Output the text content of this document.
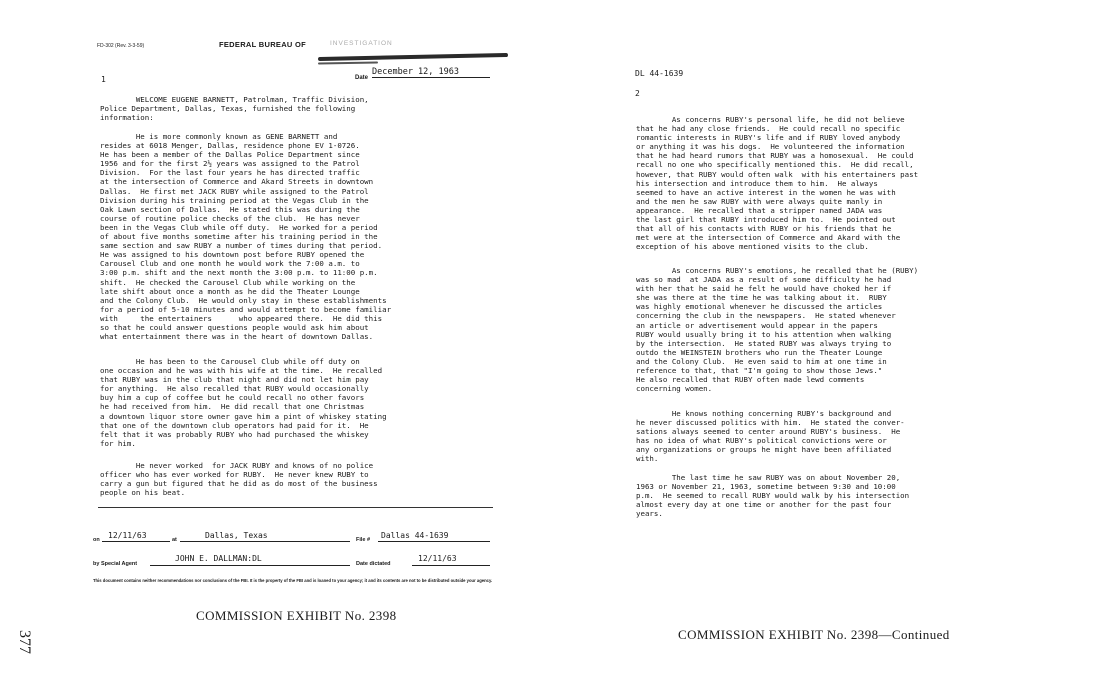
FD-302 (Rev. 3-3-59)	FEDERAL BUREAU OF	INVESTIGATION
1	Date
December 12, 1963
WELCOME EUGENE BARNETT, Patrolman, Traffic Division,
Police Department, Dallas, Texas, furnished the following
information:
He is more commonly known as GENE BARNETT and
resides at 6018 Menger, Dallas, residence phone EV 1-0726.
He has been a member of the Dallas Police Department since
1956 and for the first 2½ years was assigned to the Patrol
Division.  For the last four years he has directed traffic
at the intersection of Commerce and Akard Streets in downtown
Dallas.  He first met JACK RUBY while assigned to the Patrol
Division during his training period at the Vegas Club in the
Oak Lawn section of Dallas.  He stated this was during the
course of routine police checks of the club.  He has never
been in the Vegas Club while off duty.  He worked for a period
of about five months sometime after his training period in the
same section and saw RUBY a number of times during that period.
He was assigned to his downtown post before RUBY opened the
Carousel Club and one month he would work the 7:00 a.m. to
3:00 p.m. shift and the next month the 3:00 p.m. to 11:00 p.m.
shift.  He checked the Carousel Club while working on the
late shift about once a month as he did the Theater Lounge
and the Colony Club.  He would only stay in these establishments
for a period of 5-10 minutes and would attempt to become familiar
with     the entertainers      who appeared there.  He did this
so that he could answer questions people would ask him about
what entertainment there was in the heart of downtown Dallas.
He has been to the Carousel Club while off duty on
one occasion and he was with his wife at the time.  He recalled
that RUBY was in the club that night and did not let him pay
for anything.  He also recalled that RUBY would occasionally
buy him a cup of coffee but he could recall no other favors
he had received from him.  He did recall that one Christmas
a downtown liquor store owner gave him a pint of whiskey stating
that one of the downtown club operators had paid for it.  He
felt that it was probably RUBY who had purchased the whiskey
for him.
He never worked  for JACK RUBY and knows of no police
officer who has ever worked for RUBY.  He never knew RUBY to
carry a gun but figured that he did as do most of the business
people on his beat.
on 12/11/63	at	Dallas, Texas	File # Dallas 44-1639
by Special Agent
JOHN E. DALLMAN:DL
Date dictated
12/11/63
This document contains neither recommendations nor conclusions of the FBI. It is the property of the FBI and is loaned to your agency; it and its contents are not to be distributed outside your agency.
COMMISSION EXHIBIT No. 2398
377
DL 44-1639
2
As concerns RUBY's personal life, he did not believe
that he had any close friends.  He could recall no specific
romantic interests in RUBY's life and if RUBY loved anybody
or anything it was his dogs.  He volunteered the information
that he had heard rumors that RUBY was a homosexual.  He could
recall no one who specifically mentioned this.  He did recall,
however, that RUBY would often walk  with his entertainers past
his intersection and introduce them to him.  He always
seemed to have an active interest in the women he was with
and the men he saw RUBY with were always quite manly in
appearance.  He recalled that a stripper named JADA was
the last girl that RUBY introduced him to.  He pointed out
that all of his contacts with RUBY or his friends that he
met were at the intersection of Commerce and Akard with the
exception of his above mentioned visits to the club.
As concerns RUBY's emotions, he recalled that he (RUBY)
was so mad  at JADA as a result of some difficulty he had
with her that he said he felt he would have choked her if
she was there at the time he was talking about it.  RUBY
was highly emotional whenever he discussed the articles
concerning the club in the newspapers.  He stated whenever
an article or advertisement would appear in the papers
RUBY would usually bring it to his attention when walking
by the intersection.  He stated RUBY was always trying to
outdo the WEINSTEIN brothers who run the Theater Lounge
and the Colony Club.  He even said to him at one time in
reference to that, that "I'm going to show those Jews."
He also recalled that RUBY often made lewd comments
concerning women.
He knows nothing concerning RUBY's background and
he never discussed politics with him.  He stated the conver-
sations always seemed to center around RUBY's business.  He
has no idea of what RUBY's political convictions were or
any organizations or groups he might have been affiliated
with.
The last time he saw RUBY was on about November 20,
1963 or November 21, 1963, sometime between 9:30 and 10:00
p.m.  He seemed to recall RUBY would walk by his intersection
almost every day at one time or another for the past four
years.
COMMISSION EXHIBIT No. 2398—Continued
